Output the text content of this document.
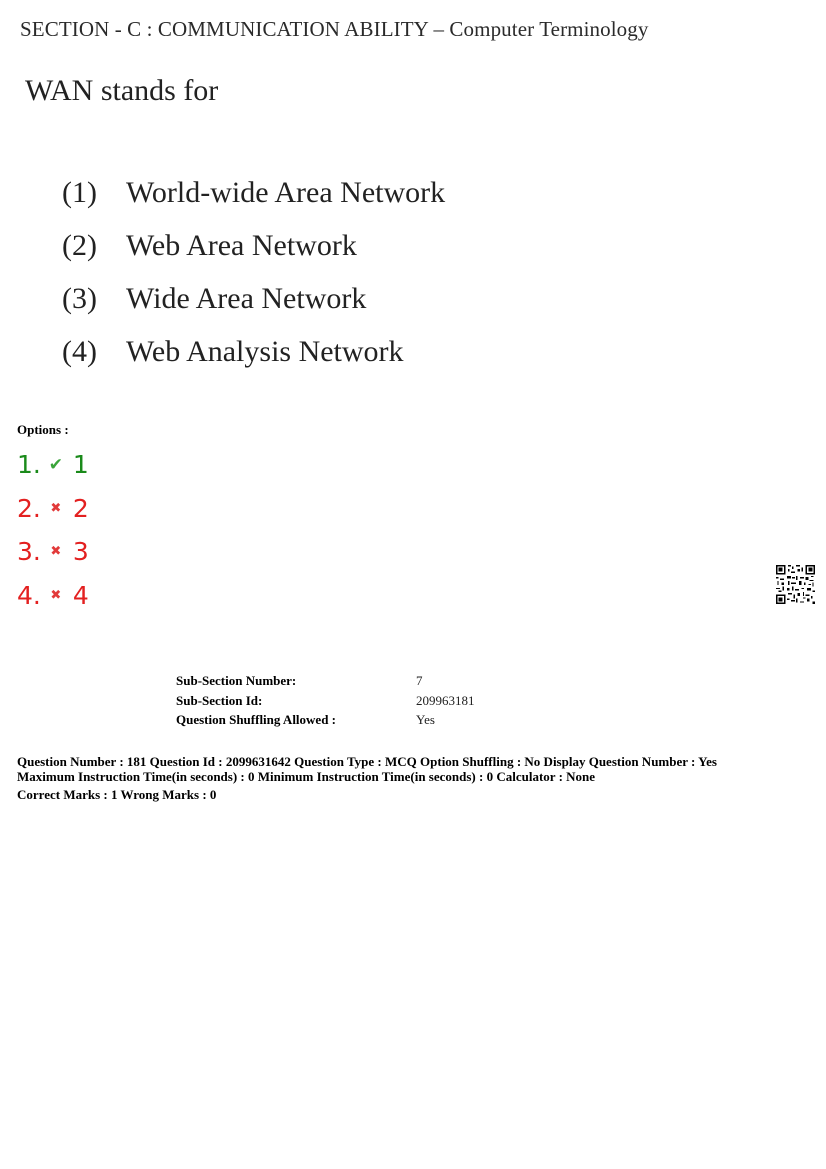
SECTION - C : COMMUNICATION ABILITY – Computer Terminology
WAN stands for
(1) World-wide Area Network
(2) Web Area Network
(3) Wide Area Network
(4) Web Analysis Network
Options :
1. ✔ 1
2. ✖ 2
3. ✖ 3
4. ✖ 4
Sub-Section Number:	7
Sub-Section Id:	209963181
Question Shuffling Allowed :	Yes
Question Number : 181 Question Id : 2099631642 Question Type : MCQ Option Shuffling : No Display Question Number : Yes
Maximum Instruction Time(in seconds) : 0 Minimum Instruction Time(in seconds) : 0 Calculator : None
Correct Marks : 1 Wrong Marks : 0
